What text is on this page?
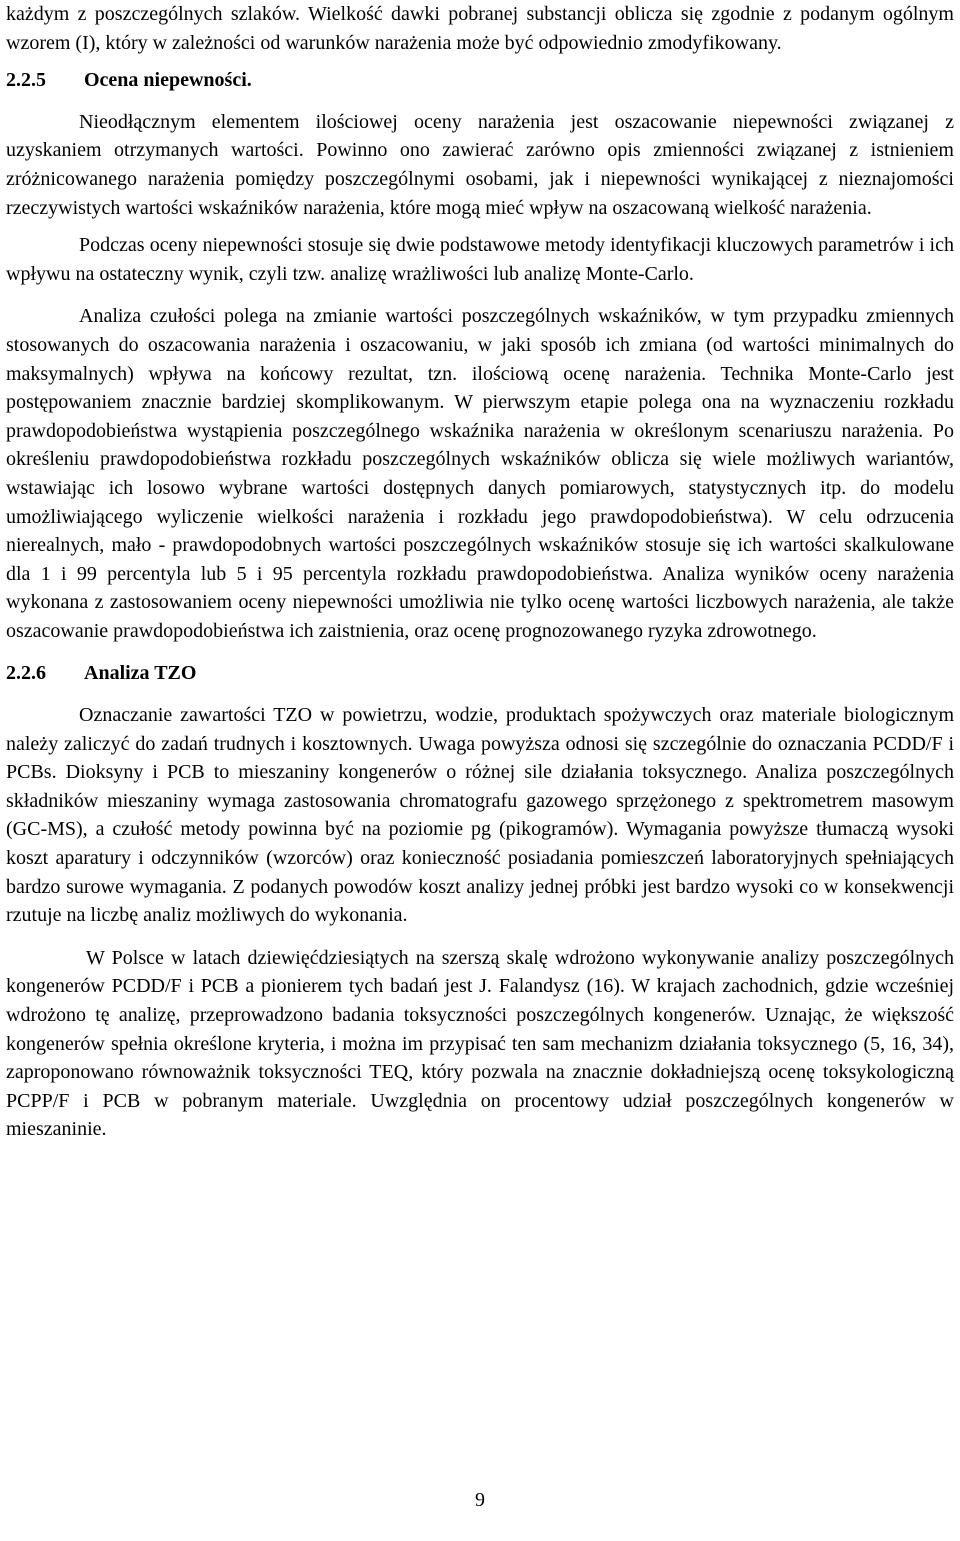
każdym z poszczególnych szlaków. Wielkość dawki pobranej substancji oblicza się zgodnie z podanym ogólnym wzorem (I), który w zależności od warunków narażenia może być odpowiednio zmodyfikowany.

2.2.5 Ocena niepewności.

Nieodłącznym elementem ilościowej oceny narażenia jest oszacowanie niepewności związanej z uzyskaniem otrzymanych wartości. Powinno ono zawierać zarówno opis zmienności związanej z istnieniem zróżnicowanego narażenia pomiędzy poszczególnymi osobami, jak i niepewności wynikającej z nieznajomości rzeczywistych wartości wskaźników narażenia, które mogą mieć wpływ na oszacowaną wielkość narażenia.

Podczas oceny niepewności stosuje się dwie podstawowe metody identyfikacji kluczowych parametrów i ich wpływu na ostateczny wynik, czyli tzw. analizę wrażliwości lub analizę Monte-Carlo.

Analiza czułości polega na zmianie wartości poszczególnych wskaźników, w tym przypadku zmiennych stosowanych do oszacowania narażenia i oszacowaniu, w jaki sposób ich zmiana (od wartości minimalnych do maksymalnych) wpływa na końcowy rezultat, tzn. ilościową ocenę narażenia. Technika Monte-Carlo jest postępowaniem znacznie bardziej skomplikowanym. W pierwszym etapie polega ona na wyznaczeniu rozkładu prawdopodobieństwa wystąpienia poszczególnego wskaźnika narażenia w określonym scenariuszu narażenia. Po określeniu prawdopodobieństwa rozkładu poszczególnych wskaźników oblicza się wiele możliwych wariantów, wstawiając ich losowo wybrane wartości dostępnych danych pomiarowych, statystycznych itp. do modelu umożliwiającego wyliczenie wielkości narażenia i rozkładu jego prawdopodobieństwa). W celu odrzucenia nierealnych, mało - prawdopodobnych wartości poszczególnych wskaźników stosuje się ich wartości skalkulowane dla 1 i 99 percentyla lub 5 i 95 percentyla rozkładu prawdopodobieństwa. Analiza wyników oceny narażenia wykonana z zastosowaniem oceny niepewności umożliwia nie tylko ocenę wartości liczbowych narażenia, ale także oszacowanie prawdopodobieństwa ich zaistnienia, oraz ocenę prognozowanego ryzyka zdrowotnego.

2.2.6 Analiza TZO

Oznaczanie zawartości TZO w powietrzu, wodzie, produktach spożywczych oraz materiale biologicznym należy zaliczyć do zadań trudnych i kosztownych. Uwaga powyższa odnosi się szczególnie do oznaczania PCDD/F i PCBs. Dioksyny i PCB to mieszaniny kongenerów o różnej sile działania toksycznego. Analiza poszczególnych składników mieszaniny wymaga zastosowania chromatografu gazowego sprzężonego z spektrometrem masowym (GC-MS), a czułość metody powinna być na poziomie pg (pikogramów). Wymagania powyższe tłumaczą wysoki koszt aparatury i odczynników (wzorców) oraz konieczność posiadania pomieszczeń laboratoryjnych spełniających bardzo surowe wymagania. Z podanych powodów koszt analizy jednej próbki jest bardzo wysoki co w konsekwencji rzutuje na liczbę analiz możliwych do wykonania.

W Polsce w latach dziewięćdziesiątych na szerszą skalę wdrożono wykonywanie analizy poszczególnych kongenerów PCDD/F i PCB a pionierem tych badań jest J. Falandysz (16). W krajach zachodnich, gdzie wcześniej wdrożono tę analizę, przeprowadzono badania toksyczności poszczególnych kongenerów. Uznając, że większość kongenerów spełnia określone kryteria, i można im przypisać ten sam mechanizm działania toksycznego (5, 16, 34), zaproponowano równoważnik toksyczności TEQ, który pozwala na znacznie dokładniejszą ocenę toksykologiczną PCPP/F i PCB w pobranym materiale. Uwzględnia on procentowy udział poszczególnych kongenerów w mieszaninie.

9
